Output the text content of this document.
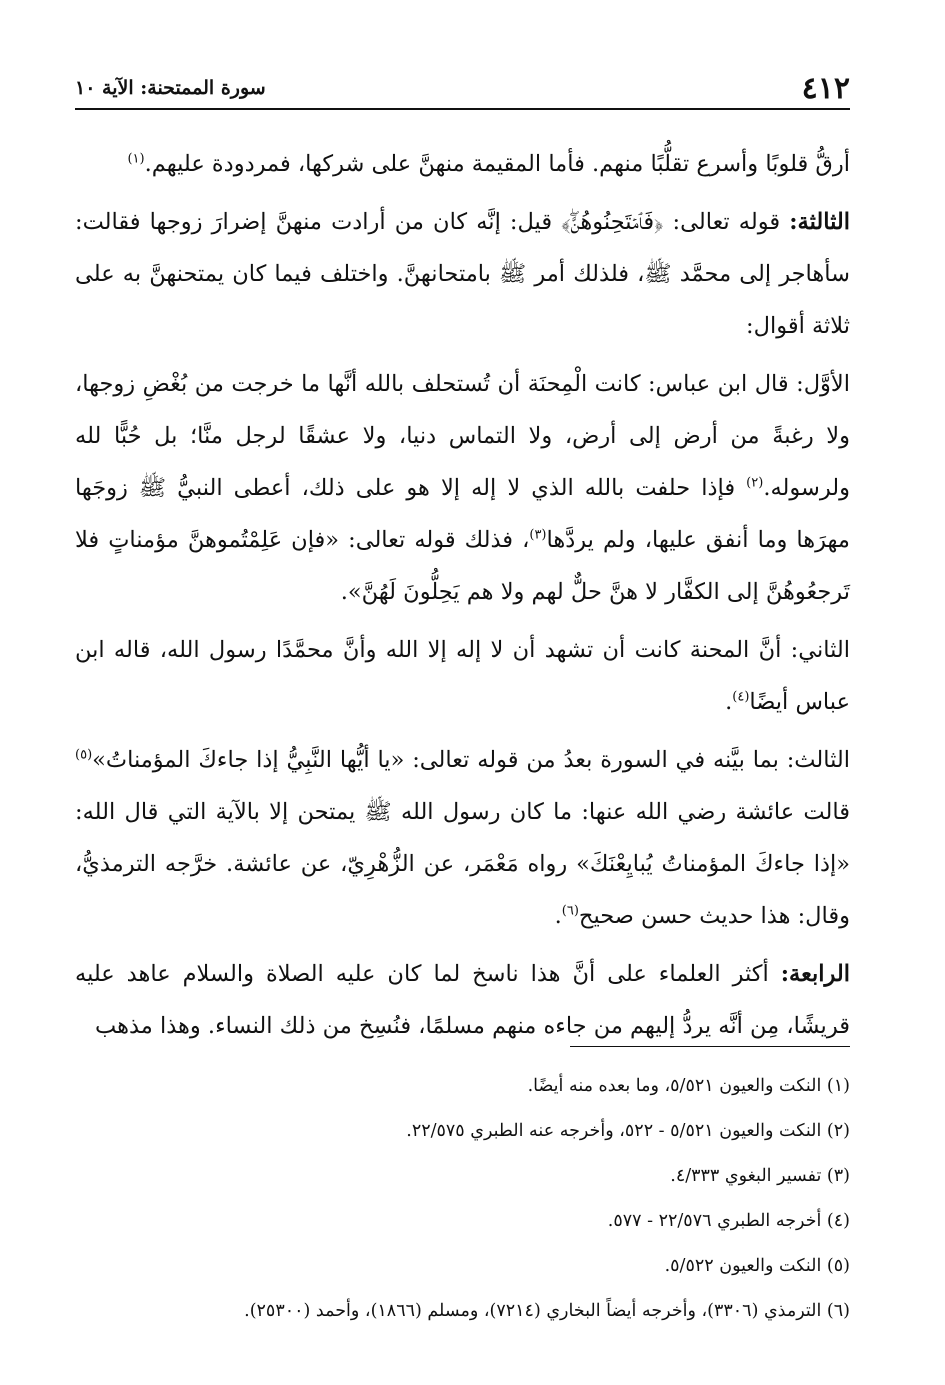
٤١٢
سورة الممتحنة: الآية ١٠

أرقُّ قلوبًا وأسرع تقلُّبًا منهم. فأما المقيمة منهنَّ على شركها، فمردودة عليهم.$^{(١)}$

الثالثة: قوله تعالى: ﴿فَٱمۡتَحِنُوهُنَّۖ﴾ قيل: إنَّه كان من أرادت منهنَّ إضرارَ زوجها فقالت: سأهاجر إلى محمَّد ﷺ، فلذلك أمر ﷺ بامتحانهنَّ. واختلف فيما كان يمتحنهنَّ به على ثلاثة أقوال:

الأوَّل: قال ابن عباس: كانت الْمِحنَة أن تُستحلف بالله أنَّها ما خرجت من بُغْضِ زوجها، ولا رغبةً من أرض إلى أرض، ولا التماس دنيا، ولا عشقًا لرجل منَّا؛ بل حُبًّا لله ولرسوله.$^{(٢)}$ فإذا حلفت بالله الذي لا إله إلا هو على ذلك، أعطى النبيُّ ﷺ زوجَها مهرَها وما أنفق عليها، ولم يردَّها$^{(٣)}$، فذلك قوله تعالى: «فإن عَلِمْتُموهنَّ مؤمناتٍ فلا تَرجعُوهُنَّ إلى الكفَّار لا هنَّ حلٌّ لهم ولا هم يَحِلُّونَ لَهُنَّ».

الثاني: أنَّ المحنة كانت أن تشهد أن لا إله إلا الله وأنَّ محمَّدًا رسول الله، قاله ابن عباس أيضًا$^{(٤)}$.

الثالث: بما بيَّنه في السورة بعدُ من قوله تعالى: «يا أيُّها النَّبِيُّ إذا جاءكَ المؤمناتُ»$^{(٥)}$ قالت عائشة رضي الله عنها: ما كان رسول الله ﷺ يمتحن إلا بالآية التي قال الله: «إذا جاءكَ المؤمناتُ يُبايِعْنَكَ» رواه مَعْمَر، عن الزُّهْرِيّ، عن عائشة. خرَّجه الترمذيُّ، وقال: هذا حديث حسن صحيح$^{(٦)}$.

الرابعة: أكثر العلماء على أنَّ هذا ناسخ لما كان عليه الصلاة والسلام عاهد عليه قريشًا، مِن أنَّه يردُّ إليهم من جاءه منهم مسلمًا، فنُسِخ من ذلك النساء. وهذا مذهب

(١) النكت والعيون ٥/٥٢١، وما بعده منه أيضًا.
(٢) النكت والعيون ٥/٥٢١ - ٥٢٢، وأخرجه عنه الطبري ٢٢/٥٧٥.
(٣) تفسير البغوي ٤/٣٣٣.
(٤) أخرجه الطبري ٢٢/٥٧٦ - ٥٧٧.
(٥) النكت والعيون ٥/٥٢٢.
(٦) الترمذي (٣٣٠٦)، وأخرجه أيضاً البخاري (٧٢١٤)، ومسلم (١٨٦٦)، وأحمد (٢٥٣٠٠).
